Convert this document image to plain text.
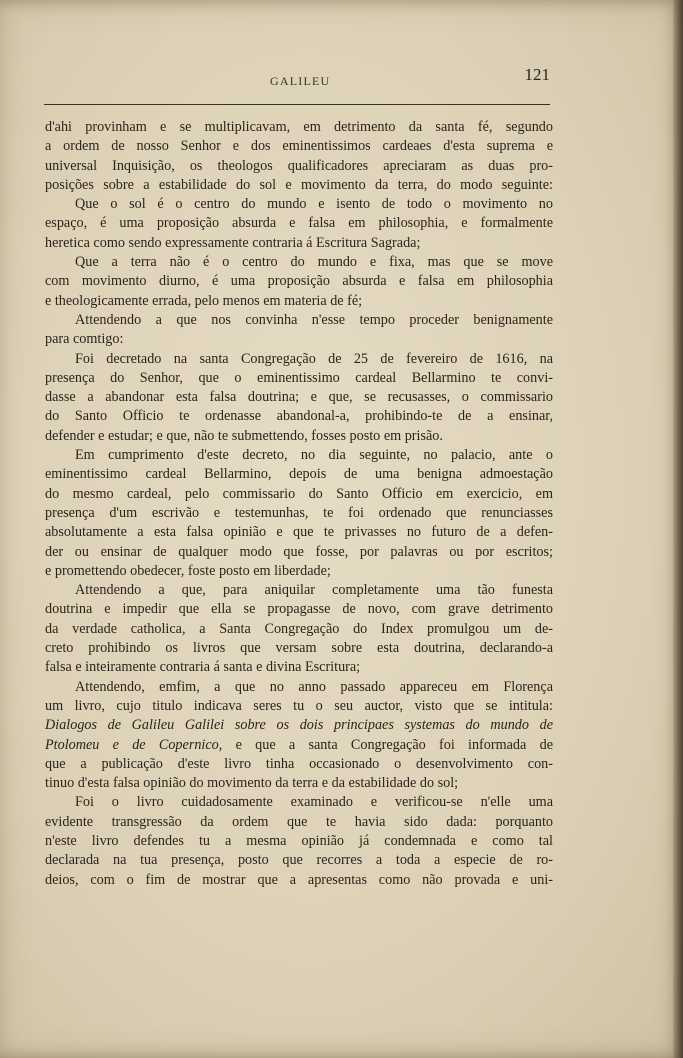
GALILEU	121
d'ahi provinham e se multiplicavam, em detrimento da santa fé, segundo
a ordem de nosso Senhor e dos eminentissimos cardeaes d'esta suprema e
universal Inquisição, os theologos qualificadores apreciaram as duas pro-
posições sobre a estabilidade do sol e movimento da terra, do modo seguinte:
Que o sol é o centro do mundo e isento de todo o movimento no
espaço, é uma proposição absurda e falsa em philosophia, e formalmente
heretica como sendo expressamente contraria á Escritura Sagrada;
Que a terra não é o centro do mundo e fixa, mas que se move
com movimento diurno, é uma proposição absurda e falsa em philosophia
e theologicamente errada, pelo menos em materia de fé;
Attendendo a que nos convinha n'esse tempo proceder benignamente
para comtigo:
Foi decretado na santa Congregação de 25 de fevereiro de 1616, na
presença do Senhor, que o eminentissimo cardeal Bellarmino te convi-
dasse a abandonar esta falsa doutrina; e que, se recusasses, o commissario
do Santo Officio te ordenasse abandonal-a, prohibindo-te de a ensinar,
defender e estudar; e que, não te submettendo, fosses posto em prisão.
Em cumprimento d'este decreto, no dia seguinte, no palacio, ante o
eminentissimo cardeal Bellarmino, depois de uma benigna admoestação
do mesmo cardeal, pelo commissario do Santo Officio em exercicio, em
presença d'um escrivão e testemunhas, te foi ordenado que renunciasses
absolutamente a esta falsa opinião e que te privasses no futuro de a defen-
der ou ensinar de qualquer modo que fosse, por palavras ou por escritos;
e promettendo obedecer, foste posto em liberdade;
Attendendo a que, para aniquilar completamente uma tão funesta
doutrina e impedir que ella se propagasse de novo, com grave detrimento
da verdade catholica, a Santa Congregação do Index promulgou um de-
creto prohibindo os livros que versam sobre esta doutrina, declarando-a
falsa e inteiramente contraria á santa e divina Escritura;
Attendendo, emfim, a que no anno passado appareceu em Florença
um livro, cujo titulo indicava seres tu o seu auctor, visto que se intitula:
Dialogos de Galileu Galilei sobre os dois principaes systemas do mundo de
Ptolomeu e de Copernico, e que a santa Congregação foi informada de
que a publicação d'este livro tinha occasionado o desenvolvimento con-
tinuo d'esta falsa opinião do movimento da terra e da estabilidade do sol;
Foi o livro cuidadosamente examinado e verificou-se n'elle uma
evidente transgressão da ordem que te havia sido dada: porquanto
n'este livro defendes tu a mesma opinião já condemnada e como tal
declarada na tua presença, posto que recorres a toda a especie de ro-
deios, com o fim de mostrar que a apresentas como não provada e uni-
